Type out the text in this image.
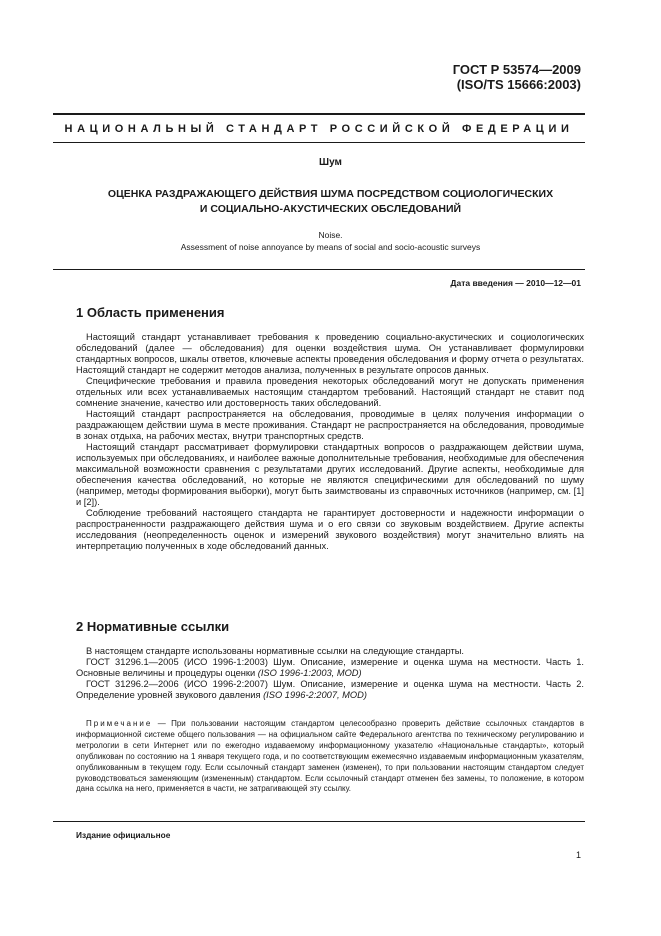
ГОСТ Р 53574—2009
(ISO/TS 15666:2003)
НАЦИОНАЛЬНЫЙ СТАНДАРТ РОССИЙСКОЙ ФЕДЕРАЦИИ
Шум
ОЦЕНКА РАЗДРАЖАЮЩЕГО ДЕЙСТВИЯ ШУМА ПОСРЕДСТВОМ СОЦИОЛОГИЧЕСКИХ
И СОЦИАЛЬНО-АКУСТИЧЕСКИХ ОБСЛЕДОВАНИЙ
Noise.
Assessment of noise annoyance by means of social and socio-acoustic surveys
Дата введения — 2010—12—01
1 Область применения

Настоящий стандарт устанавливает требования к проведению социально-акустических и социологических обследований (далее — обследования) для оценки воздействия шума. Он устанавливает формулировки стандартных вопросов, шкалы ответов, ключевые аспекты проведения обследования и форму отчета о результатах. Настоящий стандарт не содержит методов анализа, полученных в результате опросов данных.

Специфические требования и правила проведения некоторых обследований могут не допускать применения отдельных или всех устанавливаемых настоящим стандартом требований. Настоящий стандарт не ставит под сомнение значение, качество или достоверность таких обследований.

Настоящий стандарт распространяется на обследования, проводимые в целях получения информации о раздражающем действии шума в месте проживания. Стандарт не распространяется на обследования, проводимые в зонах отдыха, на рабочих местах, внутри транспортных средств.

Настоящий стандарт рассматривает формулировки стандартных вопросов о раздражающем действии шума, используемых при обследованиях, и наиболее важные дополнительные требования, необходимые для обеспечения максимальной возможности сравнения с результатами других исследований. Другие аспекты, необходимые для обеспечения качества обследований, но которые не являются специфическими для обследований по шуму (например, методы формирования выборки), могут быть заимствованы из справочных источников (например, см. [1] и [2]).

Соблюдение требований настоящего стандарта не гарантирует достоверности и надежности информации о распространенности раздражающего действия шума и о его связи со звуковым воздействием. Другие аспекты исследования (неопределенность оценок и измерений звукового воздействия) могут значительно влиять на интерпретацию полученных в ходе обследований данных.

2 Нормативные ссылки

В настоящем стандарте использованы нормативные ссылки на следующие стандарты.

ГОСТ 31296.1—2005 (ИСО 1996-1:2003) Шум. Описание, измерение и оценка шума на местности. Часть 1. Основные величины и процедуры оценки (ISO 1996-1:2003, MOD)

ГОСТ 31296.2—2006 (ИСО 1996-2:2007) Шум. Описание, измерение и оценка шума на местности. Часть 2. Определение уровней звукового давления (ISO 1996-2:2007, MOD)

Примечание — При пользовании настоящим стандартом целесообразно проверить действие ссылочных стандартов в информационной системе общего пользования — на официальном сайте Федерального агентства по техническому регулированию и метрологии в сети Интернет или по ежегодно издаваемому информационному указателю «Национальные стандарты», который опубликован по состоянию на 1 января текущего года, и по соответствующим ежемесячно издаваемым информационным указателям, опубликованным в текущем году. Если ссылочный стандарт заменен (изменен), то при пользовании настоящим стандартом следует руководствоваться заменяющим (измененным) стандартом. Если ссылочный стандарт отменен без замены, то положение, в котором дана ссылка на него, применяется в части, не затрагивающей эту ссылку.
Издание официальное
1
